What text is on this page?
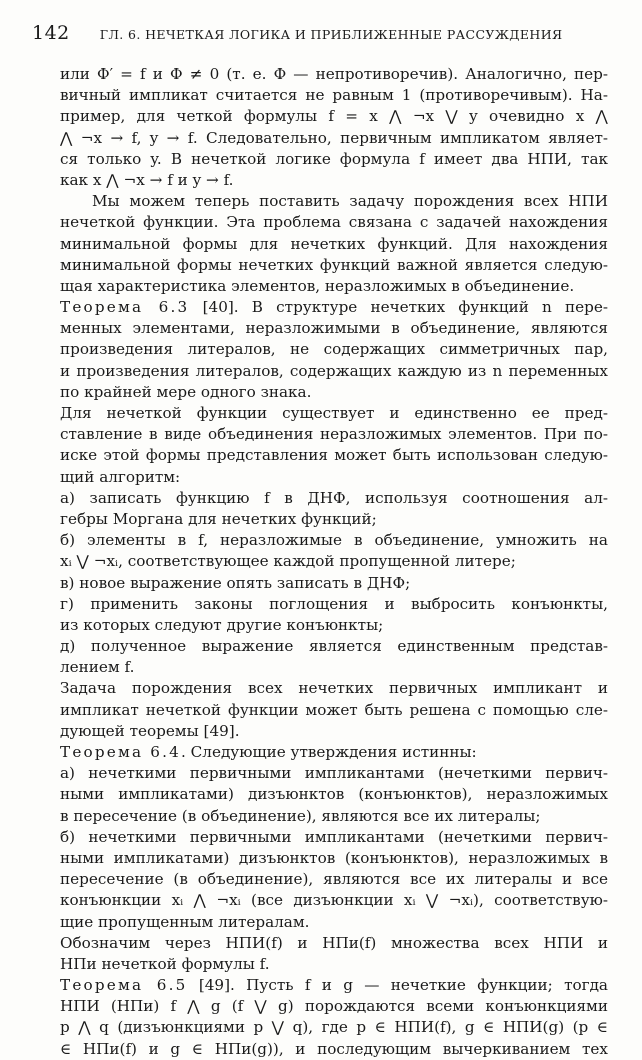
142 ГЛ. 6. НЕЧЕТКАЯ ЛОГИКА И ПРИБЛИЖЕННЫЕ РАССУЖДЕНИЯ
или Ф′ = f и Ф ≠ 0 (т. е. Ф — непротиворечив). Аналогично, пер-
вичный импликат считается не равным 1 (противоречивым). На-
пример, для четкой формулы f = x ⋀ ¬x ⋁ y очевидно x ⋀
⋀ ¬x → f, y → f. Следовательно, первичным импликатом являет-
ся только y. В нечеткой логике формула f имеет два НПИ, так
как x ⋀ ¬x → f и y → f.
Мы можем теперь поставить задачу порождения всех НПИ
нечеткой функции. Эта проблема связана с задачей нахождения
минимальной формы для нечетких функций. Для нахождения
минимальной формы нечетких функций важной является следую-
щая характеристика элементов, неразложимых в объединение.
Теорема 6.3 [40]. В структуре нечетких функций n пере-
менных элементами, неразложимыми в объединение, являются
произведения литералов, не содержащих симметричных пар,
и произведения литералов, содержащих каждую из n переменных
по крайней мере одного знака.
Для нечеткой функции существует и единственно ее пред-
ставление в виде объединения неразложимых элементов. При по-
иске этой формы представления может быть использован следую-
щий алгоритм:
а) записать функцию f в ДНФ, используя соотношения ал-
гебры Моргана для нечетких функций;
б) элементы в f, неразложимые в объединение, умножить на
xᵢ ⋁ ¬xᵢ, соответствующее каждой пропущенной литере;
в) новое выражение опять записать в ДНФ;
г) применить законы поглощения и выбросить конъюнкты,
из которых следуют другие конъюнкты;
д) полученное выражение является единственным представ-
лением f.
Задача порождения всех нечетких первичных импликант и
импликат нечеткой функции может быть решена с помощью сле-
дующей теоремы [49].
Теорема 6.4. Следующие утверждения истинны:
а) нечеткими первичными импликантами (нечеткими первич-
ными импликатами) дизъюнктов (конъюнктов), неразложимых
в пересечение (в объединение), являются все их литералы;
б) нечеткими первичными импликантами (нечеткими первич-
ными импликатами) дизъюнктов (конъюнктов), неразложимых в
пересечение (в объединение), являются все их литералы и все
конъюнкции xᵢ ⋀ ¬xᵢ (все дизъюнкции xᵢ ⋁ ¬xᵢ), соответствую-
щие пропущенным литералам.
Обозначим через НПИ(f) и НПи(f) множества всех НПИ и
НПи нечеткой формулы f.
Теорема 6.5 [49]. Пусть f и g — нечеткие функции; тогда
НПИ (НПи) f ⋀ g (f ⋁ g) порождаются всеми конъюнкциями
p ⋀ q (дизъюнкциями p ⋁ q), где p ∈ НПИ(f), g ∈ НПИ(g) (p ∈
∈ НПи(f) и g ∈ НПи(g)), и последующим вычеркиванием тех
